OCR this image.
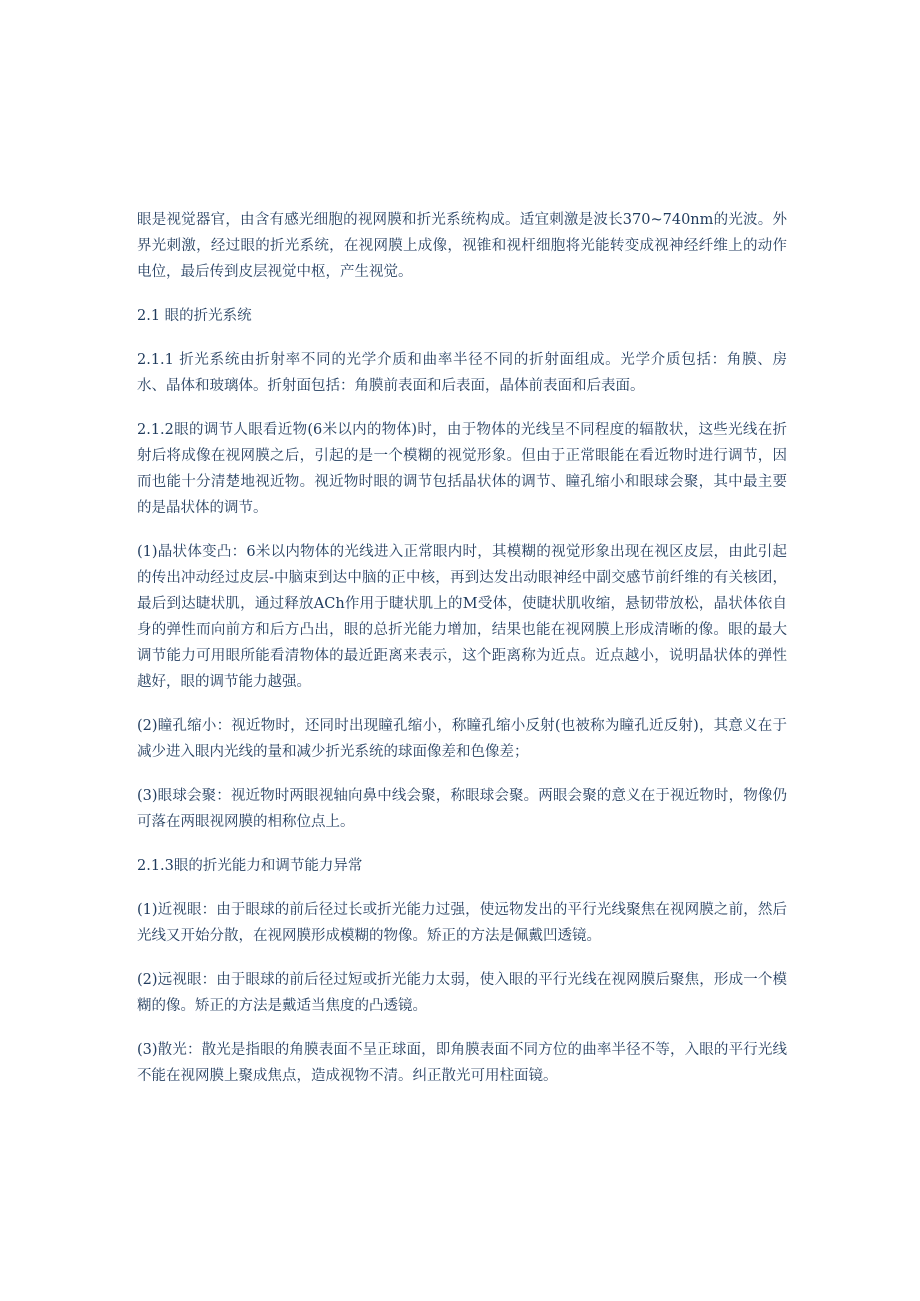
眼是视觉器官，由含有感光细胞的视网膜和折光系统构成。适宜刺激是波长370~740nm的光波。外界光刺激，经过眼的折光系统，在视网膜上成像，视锥和视杆细胞将光能转变成视神经纤维上的动作电位，最后传到皮层视觉中枢，产生视觉。

2.1 眼的折光系统

2.1.1 折光系统由折射率不同的光学介质和曲率半径不同的折射面组成。光学介质包括：角膜、房水、晶体和玻璃体。折射面包括：角膜前表面和后表面，晶体前表面和后表面。

2.1.2眼的调节人眼看近物(6米以内的物体)时，由于物体的光线呈不同程度的辐散状，这些光线在折射后将成像在视网膜之后，引起的是一个模糊的视觉形象。但由于正常眼能在看近物时进行调节，因而也能十分清楚地视近物。视近物时眼的调节包括晶状体的调节、瞳孔缩小和眼球会聚，其中最主要的是晶状体的调节。

(1)晶状体变凸：6米以内物体的光线进入正常眼内时，其模糊的视觉形象出现在视区皮层，由此引起的传出冲动经过皮层-中脑束到达中脑的正中核，再到达发出动眼神经中副交感节前纤维的有关核团，最后到达睫状肌，通过释放ACh作用于睫状肌上的M受体，使睫状肌收缩，悬韧带放松，晶状体依自身的弹性而向前方和后方凸出，眼的总折光能力增加，结果也能在视网膜上形成清晰的像。眼的最大调节能力可用眼所能看清物体的最近距离来表示，这个距离称为近点。近点越小，说明晶状体的弹性越好，眼的调节能力越强。

(2)瞳孔缩小：视近物时，还同时出现瞳孔缩小，称瞳孔缩小反射(也被称为瞳孔近反射)，其意义在于减少进入眼内光线的量和减少折光系统的球面像差和色像差；

(3)眼球会聚：视近物时两眼视轴向鼻中线会聚，称眼球会聚。两眼会聚的意义在于视近物时，物像仍可落在两眼视网膜的相称位点上。

2.1.3眼的折光能力和调节能力异常

(1)近视眼：由于眼球的前后径过长或折光能力过强，使远物发出的平行光线聚焦在视网膜之前，然后光线又开始分散，在视网膜形成模糊的物像。矫正的方法是佩戴凹透镜。

(2)远视眼：由于眼球的前后径过短或折光能力太弱，使入眼的平行光线在视网膜后聚焦，形成一个模糊的像。矫正的方法是戴适当焦度的凸透镜。

(3)散光：散光是指眼的角膜表面不呈正球面，即角膜表面不同方位的曲率半径不等，入眼的平行光线不能在视网膜上聚成焦点，造成视物不清。纠正散光可用柱面镜。
